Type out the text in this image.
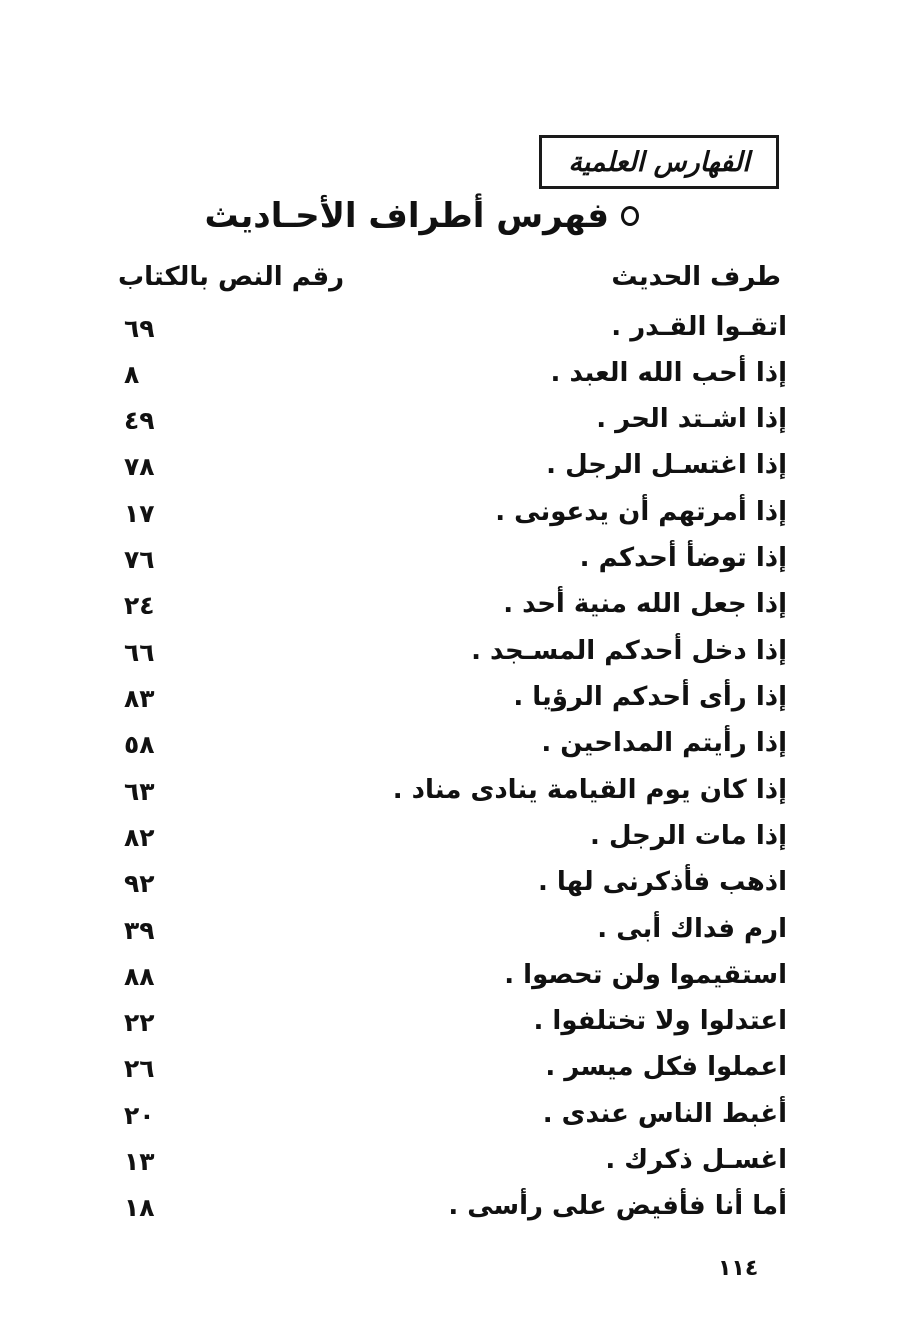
الفهارس العلمية
فهرس أطراف الأحـاديث
طرف الحديث
رقم النص بالكتاب
اتقـوا القـدر .
٦٩
إذا أحب الله العبد .
٨
إذا اشـتد الحر .
٤٩
إذا اغتسـل الرجل .
٧٨
إذا أمرتهم أن يدعونى .
١٧
إذا توضأ أحدكم .
٧٦
إذا جعل الله منية أحد .
٢٤
إذا دخل أحدكم المسـجد .
٦٦
إذا رأى أحدكم الرؤيا .
٨٣
إذا رأيتم المداحين .
٥٨
إذا كان يوم القيامة ينادى مناد .
٦٣
إذا مات الرجل .
٨٢
اذهب فأذكرنى لها .
٩٢
ارم فداك أبى .
٣٩
استقيموا ولن تحصوا .
٨٨
اعتدلوا ولا تختلفوا .
٢٢
اعملوا فكل ميسر .
٢٦
أغبط الناس عندى .
٢٠
اغسـل ذكرك .
١٣
أما أنا فأفيض على رأسى .
١٨
١١٤
